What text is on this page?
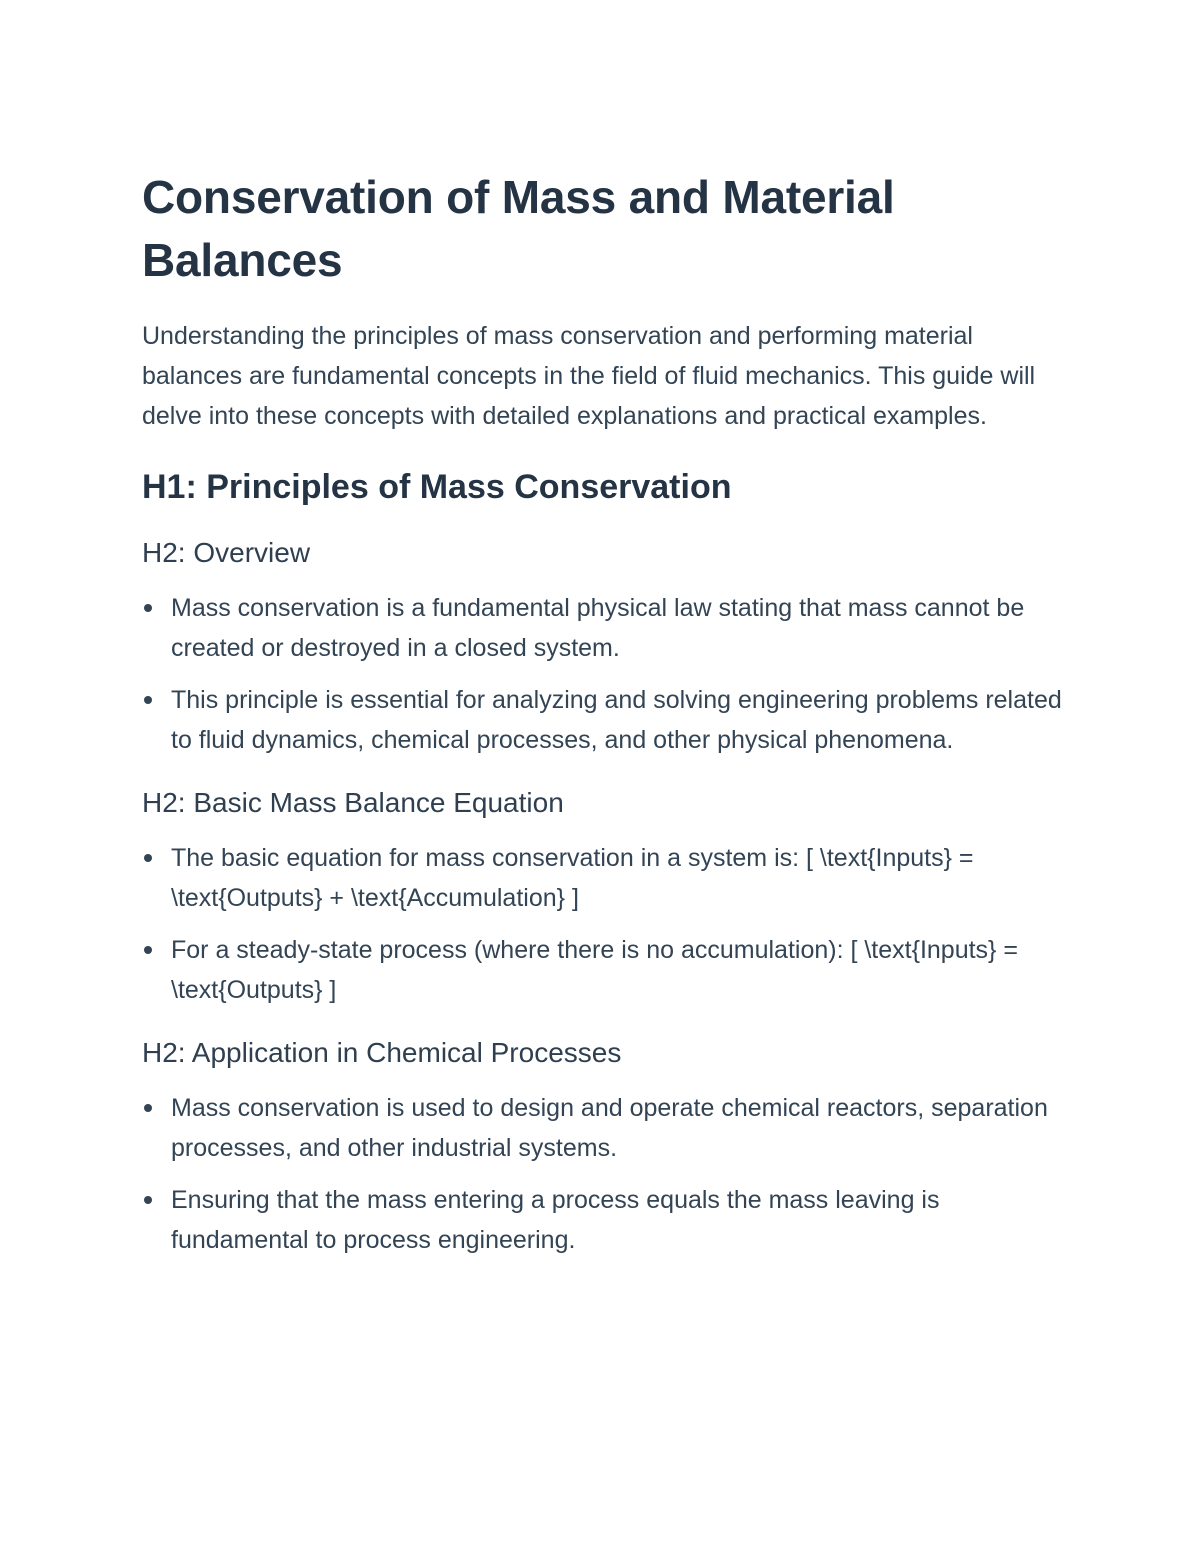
Conservation of Mass and Material Balances

Understanding the principles of mass conservation and performing material balances are fundamental concepts in the field of fluid mechanics. This guide will delve into these concepts with detailed explanations and practical examples.

H1: Principles of Mass Conservation
H2: Overview
Mass conservation is a fundamental physical law stating that mass cannot be created or destroyed in a closed system.
This principle is essential for analyzing and solving engineering problems related to fluid dynamics, chemical processes, and other physical phenomena.
H2: Basic Mass Balance Equation
The basic equation for mass conservation in a system is: [ \text{Inputs} = \text{Outputs} + \text{Accumulation} ]
For a steady-state process (where there is no accumulation): [ \text{Inputs} = \text{Outputs} ]
H2: Application in Chemical Processes
Mass conservation is used to design and operate chemical reactors, separation processes, and other industrial systems.
Ensuring that the mass entering a process equals the mass leaving is fundamental to process engineering.
